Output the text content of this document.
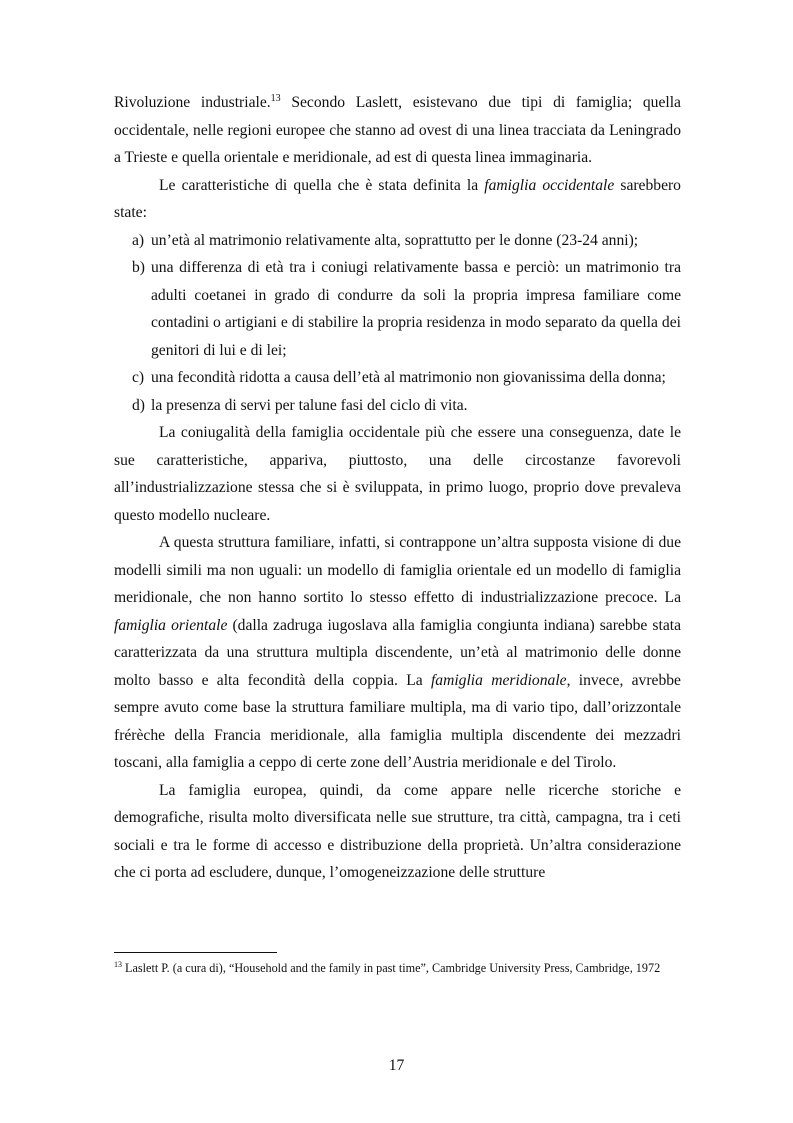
Rivoluzione industriale.$^{13}$ Secondo Laslett, esistevano due tipi di famiglia; quella occidentale, nelle regioni europee che stanno ad ovest di una linea tracciata da Leningrado a Trieste e quella orientale e meridionale, ad est di questa linea immaginaria.

Le caratteristiche di quella che è stata definita la famiglia occidentale sarebbero state:

a) un’età al matrimonio relativamente alta, soprattutto per le donne (23-24 anni);
b) una differenza di età tra i coniugi relativamente bassa e perciò: un matrimonio tra adulti coetanei in grado di condurre da soli la propria impresa familiare come contadini o artigiani e di stabilire la propria residenza in modo separato da quella dei genitori di lui e di lei;
c) una fecondità ridotta a causa dell’età al matrimonio non giovanissima della donna;
d) la presenza di servi per talune fasi del ciclo di vita.

La coniugalità della famiglia occidentale più che essere una conseguenza, date le sue caratteristiche, appariva, piuttosto, una delle circostanze favorevoli all’industrializzazione stessa che si è sviluppata, in primo luogo, proprio dove prevaleva questo modello nucleare.

A questa struttura familiare, infatti, si contrappone un’altra supposta visione di due modelli simili ma non uguali: un modello di famiglia orientale ed un modello di famiglia meridionale, che non hanno sortito lo stesso effetto di industrializzazione precoce. La famiglia orientale (dalla zadruga iugoslava alla famiglia congiunta indiana) sarebbe stata caratterizzata da una struttura multipla discendente, un’età al matrimonio delle donne molto basso e alta fecondità della coppia. La famiglia meridionale, invece, avrebbe sempre avuto come base la struttura familiare multipla, ma di vario tipo, dall’orizzontale frérèche della Francia meridionale, alla famiglia multipla discendente dei mezzadri toscani, alla famiglia a ceppo di certe zone dell’Austria meridionale e del Tirolo.

La famiglia europea, quindi, da come appare nelle ricerche storiche e demografiche, risulta molto diversificata nelle sue strutture, tra città, campagna, tra i ceti sociali e tra le forme di accesso e distribuzione della proprietà. Un’altra considerazione che ci porta ad escludere, dunque, l’omogeneizzazione delle strutture

$^{13}$ Laslett P. (a cura di), “Household and the family in past time”, Cambridge University Press, Cambridge, 1972
17
